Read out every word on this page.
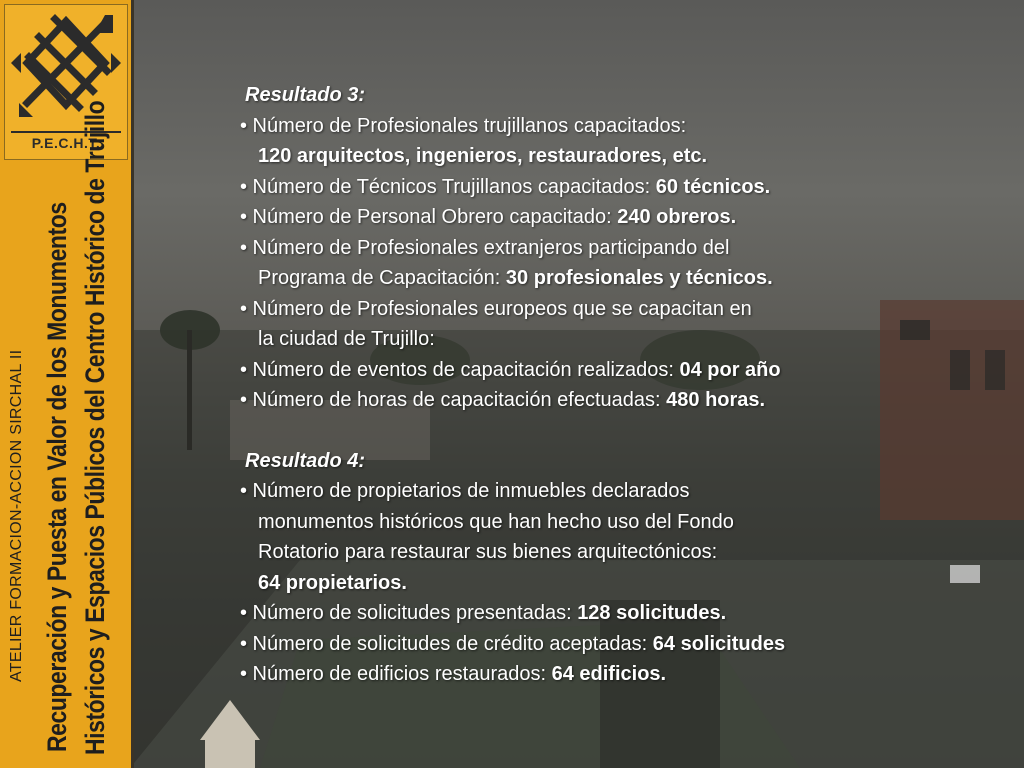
P.E.C.H.T.
ATELIER FORMACION-ACCION SIRCHAL II Recuperación y Puesta en Valor de los Monumentos Históricos y Espacios Públicos del Centro Histórico de Trujillo
Resultado 3:
• Número de Profesionales trujillanos capacitados:
120 arquitectos, ingenieros, restauradores, etc.
• Número de Técnicos Trujillanos capacitados: 60 técnicos.
• Número de Personal Obrero capacitado: 240 obreros.
• Número de Profesionales extranjeros participando del
Programa de Capacitación: 30 profesionales y técnicos.
• Número de Profesionales europeos que se capacitan en
la ciudad de Trujillo:
• Número de eventos de capacitación realizados: 04 por año
• Número de horas de capacitación efectuadas: 480 horas.
Resultado 4:
• Número de propietarios de inmuebles declarados
monumentos históricos que han hecho uso del Fondo
Rotatorio para restaurar sus bienes arquitectónicos:
64 propietarios.
• Número de solicitudes presentadas: 128 solicitudes.
• Número de solicitudes de crédito aceptadas: 64 solicitudes
• Número de edificios restaurados: 64 edificios.
